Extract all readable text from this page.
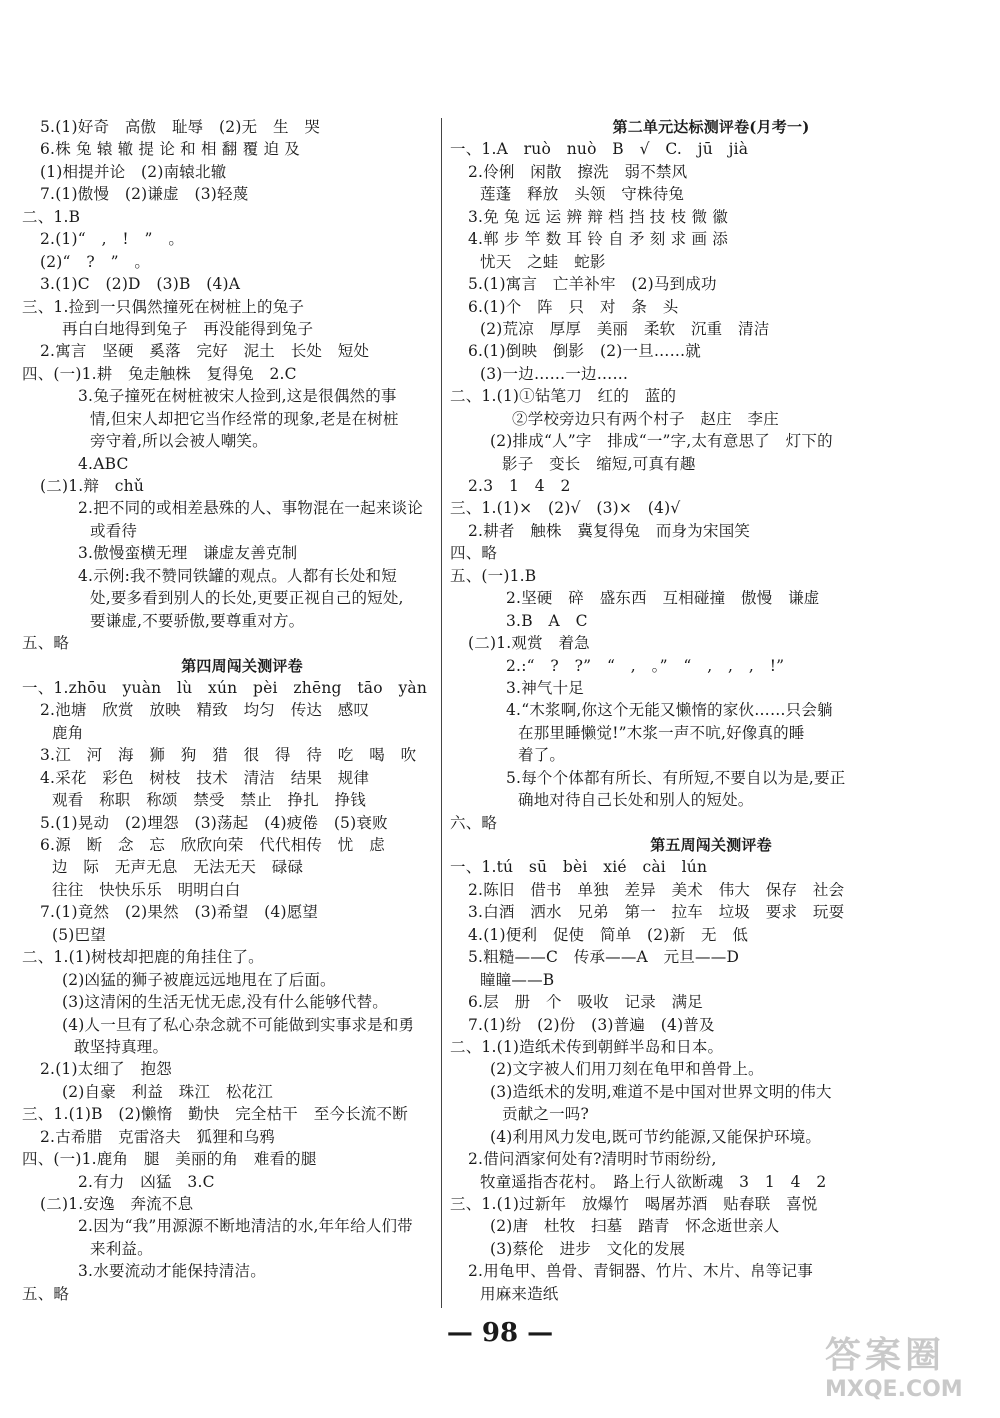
5.(1)好奇　高傲　耻辱　(2)无　生　哭
6.株 兔 辕 辙 提 论 和 相 翻 覆 迫 及
(1)相提并论　(2)南辕北辙
7.(1)傲慢　(2)谦虚　(3)轻蔑
二、1.B
2.(1)“　,　!　”　。
(2)“　?　”　。
3.(1)C　(2)D　(3)B　(4)A
三、1.捡到一只偶然撞死在树桩上的兔子
再白白地得到兔子　再没能得到兔子
2.寓言　坚硬　奚落　完好　泥土　长处　短处
四、(一)1.耕　兔走触株　复得兔　2.C
3.兔子撞死在树桩被宋人捡到,这是很偶然的事
情,但宋人却把它当作经常的现象,老是在树桩
旁守着,所以会被人嘲笑。
4.ABC
(二)1.辩　chǔ
2.把不同的或相差悬殊的人、事物混在一起来谈论
或看待
3.傲慢蛮横无理　谦虚友善克制
4.示例:我不赞同铁罐的观点。人都有长处和短
处,要多看到别人的长处,更要正视自己的短处,
要谦虚,不要骄傲,要尊重对方。
五、略
第四周闯关测评卷
一、1.zhōu　yuàn　lù　xún　pèi　zhēng　tāo　yàn
2.池塘　欣赏　放映　精致　均匀　传达　感叹
鹿角
3.江　河　海　狮　狗　猎　很　得　待　吃　喝　吹
4.采花　彩色　树枝　技术　清洁　结果　规律
观看　称职　称颂　禁受　禁止　挣扎　挣钱
5.(1)晃动　(2)埋怨　(3)荡起　(4)疲倦　(5)衰败
6.源　断　念　忘　欣欣向荣　代代相传　忧　虑
边　际　无声无息　无法无天　碌碌
往往　快快乐乐　明明白白
7.(1)竟然　(2)果然　(3)希望　(4)愿望
(5)巴望
二、1.(1)树枝却把鹿的角挂住了。
(2)凶猛的狮子被鹿远远地甩在了后面。
(3)这清闲的生活无忧无虑,没有什么能够代替。
(4)人一旦有了私心杂念就不可能做到实事求是和勇
敢坚持真理。
2.(1)太细了　抱怨
(2)自豪　利益　珠江　松花江
三、1.(1)B　(2)懒惰　勤快　完全枯干　至今长流不断
2.古希腊　克雷洛夫　狐狸和乌鸦
四、(一)1.鹿角　腿　美丽的角　难看的腿
2.有力　凶猛　3.C
(二)1.安逸　奔流不息
2.因为“我”用源源不断地清洁的水,年年给人们带
来利益。
3.水要流动才能保持清洁。
五、略
第二单元达标测评卷(月考一)
一、1.A　ruò　nuò　B　√　C.　jū　jià
2.伶俐　闲散　擦洗　弱不禁风
莲蓬　释放　头领　守株待兔
3.免 兔 远 运 辨 辩 档 挡 技 枝 微 徽
4.郸 步 竿 数 耳 铃 自 矛 刻 求 画 添
忧天　之蛙　蛇影
5.(1)寓言　亡羊补牢　(2)马到成功
6.(1)个　阵　只　对　条　头
(2)荒凉　厚厚　美丽　柔软　沉重　清洁
6.(1)倒映　倒影　(2)一旦……就
(3)一边……一边……
二、1.(1)①钻笔刀　红的　蓝的
②学校旁边只有两个村子　赵庄　李庄
(2)排成“人”字　排成“一”字,太有意思了　灯下的
影子　变长　缩短,可真有趣
2.3　1　4　2
三、1.(1)×　(2)√　(3)×　(4)√
2.耕者　触株　冀复得兔　而身为宋国笑
四、略
五、(一)1.B
2.坚硬　碎　盛东西　互相碰撞　傲慢　谦虚
3.B　A　C
(二)1.观赏　着急
2.:“　?　?”　“　,　。”　“　,　,　,　!”
3.神气十足
4.“木浆啊,你这个无能又懒惰的家伙……只会躺
在那里睡懒觉!”木浆一声不吭,好像真的睡
着了。
5.每个个体都有所长、有所短,不要自以为是,要正
确地对待自己长处和别人的短处。
六、略
第五周闯关测评卷
一、1.tú　sū　bèi　xié　cài　lún
2.陈旧　借书　单独　差异　美术　伟大　保存　社会
3.白酒　洒水　兄弟　第一　拉车　垃圾　要求　玩耍
4.(1)便利　促使　简单　(2)新　无　低
5.粗糙——C　传承——A　元旦——D
瞳瞳——B
6.层　册　个　吸收　记录　满足
7.(1)纷　(2)份　(3)普遍　(4)普及
二、1.(1)造纸术传到朝鲜半岛和日本。
(2)文字被人们用刀刻在龟甲和兽骨上。
(3)造纸术的发明,难道不是中国对世界文明的伟大
贡献之一吗?
(4)利用风力发电,既可节约能源,又能保护环境。
2.借问酒家何处有?清明时节雨纷纷,
牧童遥指杏花村。　路上行人欲断魂　3　1　4　2
三、1.(1)过新年　放爆竹　喝屠苏酒　贴春联　喜悦
(2)唐　杜牧　扫墓　踏青　怀念逝世亲人
(3)蔡伦　进步　文化的发展
2.用龟甲、兽骨、青铜器、竹片、木片、帛等记事
用麻来造纸
— 98 —
答案圈
MXQE.COM
